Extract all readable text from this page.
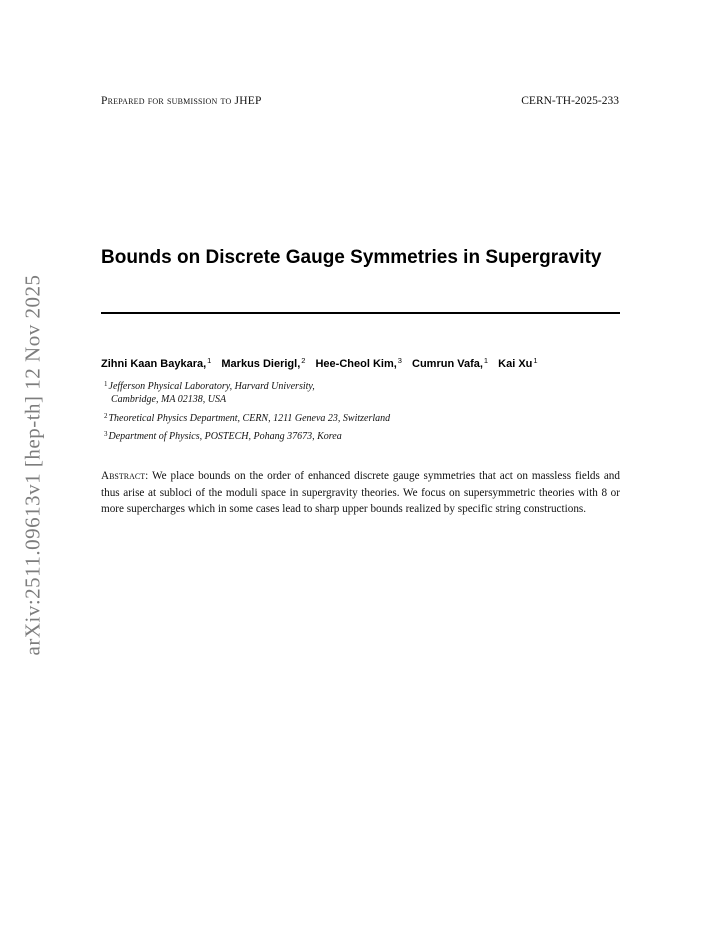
Prepared for submission to JHEP	CERN-TH-2025-233
arXiv:2511.09613v1 [hep-th] 12 Nov 2025
Bounds on Discrete Gauge Symmetries in Supergravity
Zihni Kaan Baykara,$^1$ Markus Dierigl,$^2$ Hee-Cheol Kim,$^3$ Cumrun Vafa,$^1$ Kai Xu$^1$
$^1$Jefferson Physical Laboratory, Harvard University,
Cambridge, MA 02138, USA
$^2$Theoretical Physics Department, CERN, 1211 Geneva 23, Switzerland
$^3$Department of Physics, POSTECH, Pohang 37673, Korea
Abstract: We place bounds on the order of enhanced discrete gauge symmetries that act on massless fields and thus arise at subloci of the moduli space in supergravity theories. We focus on supersymmetric theories with 8 or more supercharges which in some cases lead to sharp upper bounds realized by specific string constructions.
